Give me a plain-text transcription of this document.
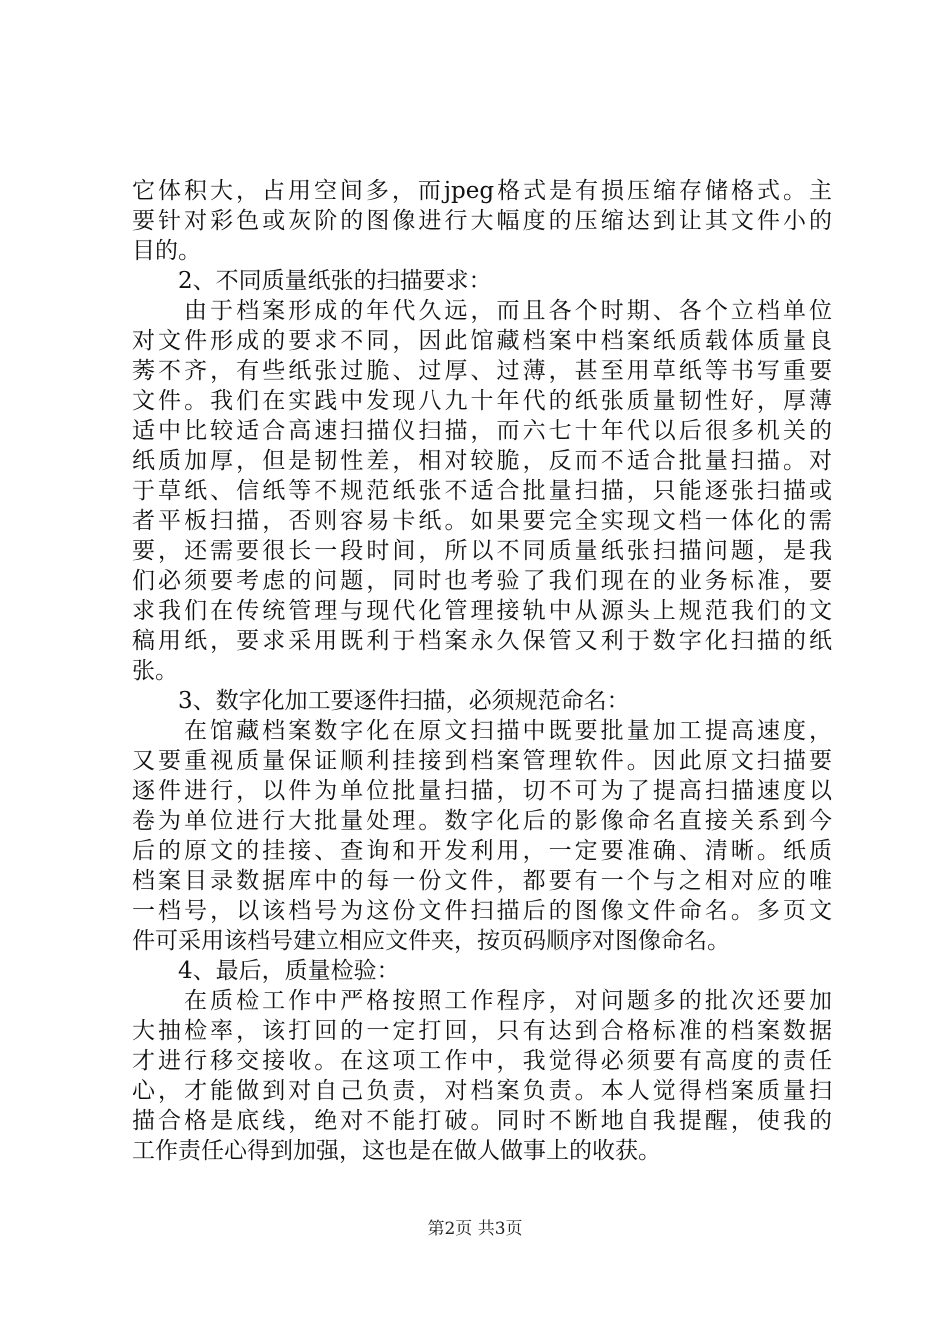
它体积大，占用空间多，而jpeg格式是有损压缩存储格式。主
要针对彩色或灰阶的图像进行大幅度的压缩达到让其文件小的
目的。
2、不同质量纸张的扫描要求：
由于档案形成的年代久远，而且各个时期、各个立档单位
对文件形成的要求不同，因此馆藏档案中档案纸质载体质量良
莠不齐，有些纸张过脆、过厚、过薄，甚至用草纸等书写重要
文件。我们在实践中发现八九十年代的纸张质量韧性好，厚薄
适中比较适合高速扫描仪扫描，而六七十年代以后很多机关的
纸质加厚，但是韧性差，相对较脆，反而不适合批量扫描。对
于草纸、信纸等不规范纸张不适合批量扫描，只能逐张扫描或
者平板扫描，否则容易卡纸。如果要完全实现文档一体化的需
要，还需要很长一段时间，所以不同质量纸张扫描问题，是我
们必须要考虑的问题，同时也考验了我们现在的业务标准，要
求我们在传统管理与现代化管理接轨中从源头上规范我们的文
稿用纸，要求采用既利于档案永久保管又利于数字化扫描的纸
张。
3、数字化加工要逐件扫描，必须规范命名：
在馆藏档案数字化在原文扫描中既要批量加工提高速度，
又要重视质量保证顺利挂接到档案管理软件。因此原文扫描要
逐件进行，以件为单位批量扫描，切不可为了提高扫描速度以
卷为单位进行大批量处理。数字化后的影像命名直接关系到今
后的原文的挂接、查询和开发利用，一定要准确、清晰。纸质
档案目录数据库中的每一份文件，都要有一个与之相对应的唯
一档号，以该档号为这份文件扫描后的图像文件命名。多页文
件可采用该档号建立相应文件夹，按页码顺序对图像命名。
4、最后，质量检验：
在质检工作中严格按照工作程序，对问题多的批次还要加
大抽检率，该打回的一定打回，只有达到合格标准的档案数据
才进行移交接收。在这项工作中，我觉得必须要有高度的责任
心，才能做到对自己负责，对档案负责。本人觉得档案质量扫
描合格是底线，绝对不能打破。同时不断地自我提醒，使我的
工作责任心得到加强，这也是在做人做事上的收获。
第2页 共3页
